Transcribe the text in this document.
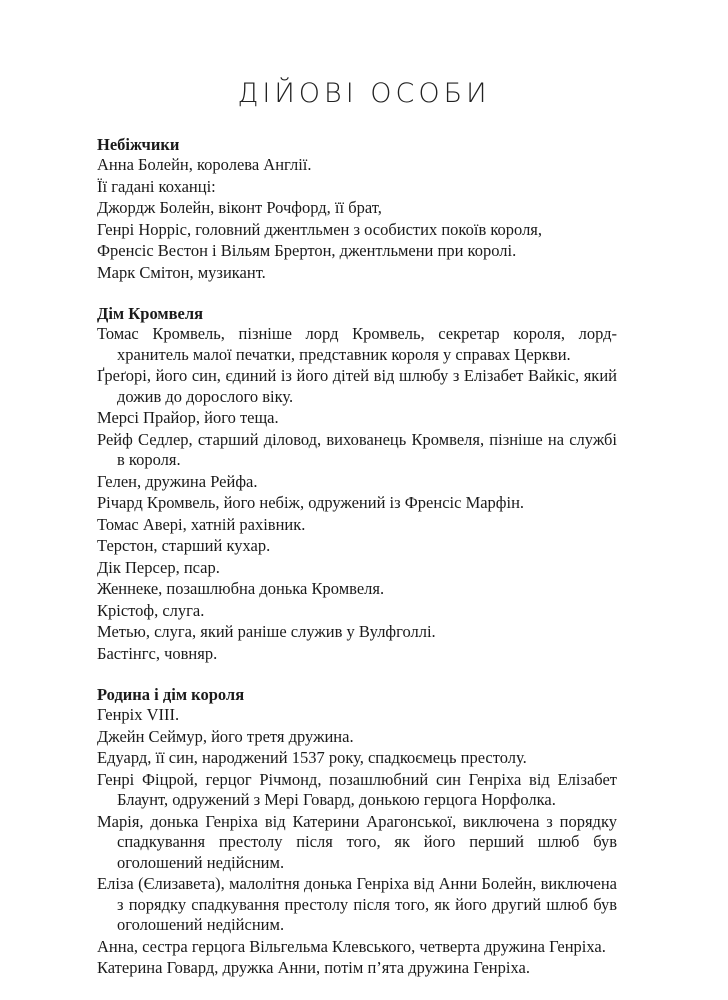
ДІЙОВІ ОСОБИ
Небіжчики

Анна Болейн, королева Англії.

Її гадані коханці:

Джордж Болейн, віконт Рочфорд, її брат,

Генрі Норріс, головний джентльмен з особистих покоїв короля,

Френсіс Вестон і Вільям Брертон, джентльмени при королі.

Марк Смітон, музикант.

Дім Кромвеля

Томас Кромвель, пізніше лорд Кромвель, секретар короля, лорд-хранитель малої печатки, представник короля у справах Церкви.

Ґреґорі, його син, єдиний із його дітей від шлюбу з Елізабет Вайкіс, який дожив до дорослого віку.

Мерсі Прайор, його теща.

Рейф Седлер, старший діловод, вихованець Кромвеля, пізніше на службі в короля.

Гелен, дружина Рейфа.

Річард Кромвель, його небіж, одружений із Френсіс Марфін.

Томас Аверi, хатній рахівник.

Терстон, старший кухар.

Дік Персер, псар.

Женнеке, позашлюбна донька Кромвеля.

Крістоф, слуга.

Метью, слуга, який раніше служив у Вулфголлі.

Бастінгс, човняр.

Родина і дім короля

Генріх VIII.

Джейн Сеймур, його третя дружина.

Едуард, її син, народжений 1537 року, спадкоємець престолу.

Генрі Фіцрой, герцог Річмонд, позашлюбний син Генріха від Елізабет Блаунт, одружений з Мері Говард, донькою герцога Норфолка.

Марія, донька Генріха від Катерини Арагонської, виключена з порядку спадкування престолу після того, як його перший шлюб був оголошений недійсним.

Еліза (Єлизавета), малолітня донька Генріха від Анни Болейн, виключена з порядку спадкування престолу після того, як його другий шлюб був оголошений недійсним.

Анна, сестра герцога Вільгельма Клевського, четверта дружина Генріха.

Катерина Говард, дружка Анни, потім п’ята дружина Генріха.
